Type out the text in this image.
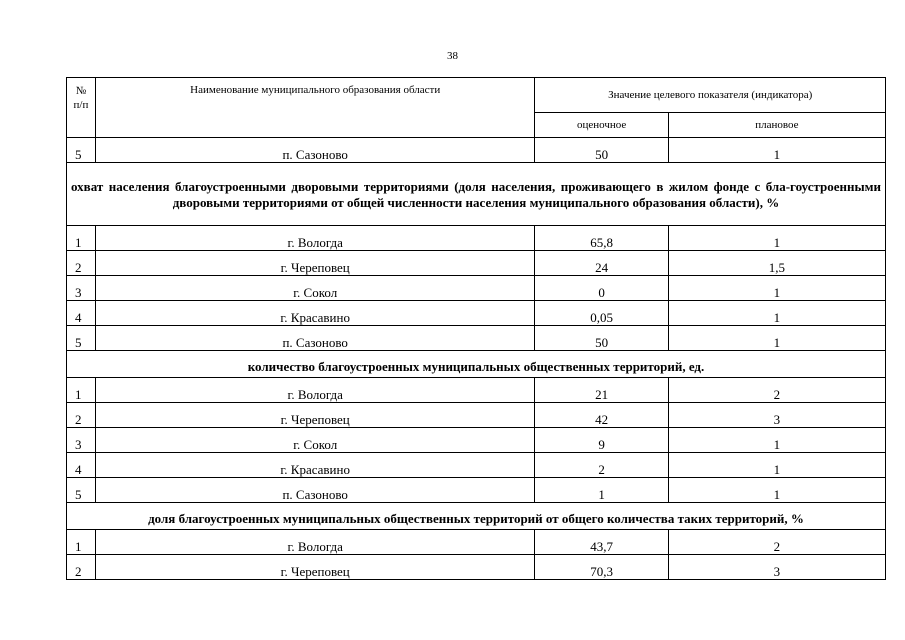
38
№ п/п	Наименование муниципального образования области	Значение целевого показателя (индикатора)	
		оценочное	плановое
5	п. Сазоново	50	1
охват населения благоустроенными дворовыми территориями (доля населения, проживающего в жилом фонде с бла-гоустроенными дворовыми территориями от общей численности населения муниципального образования области), %			
1	г. Вологда	65,8	1
2	г. Череповец	24	1,5
3	г. Сокол	0	1
4	г. Красавино	0,05	1
5	п. Сазоново	50	1
количество благоустроенных муниципальных общественных территорий, ед.			
1	г. Вологда	21	2
2	г. Череповец	42	3
3	г. Сокол	9	1
4	г. Красавино	2	1
5	п. Сазоново	1	1
доля благоустроенных муниципальных общественных территорий от общего количества таких территорий, %			
1	г. Вологда	43,7	2
2	г. Череповец	70,3	3
